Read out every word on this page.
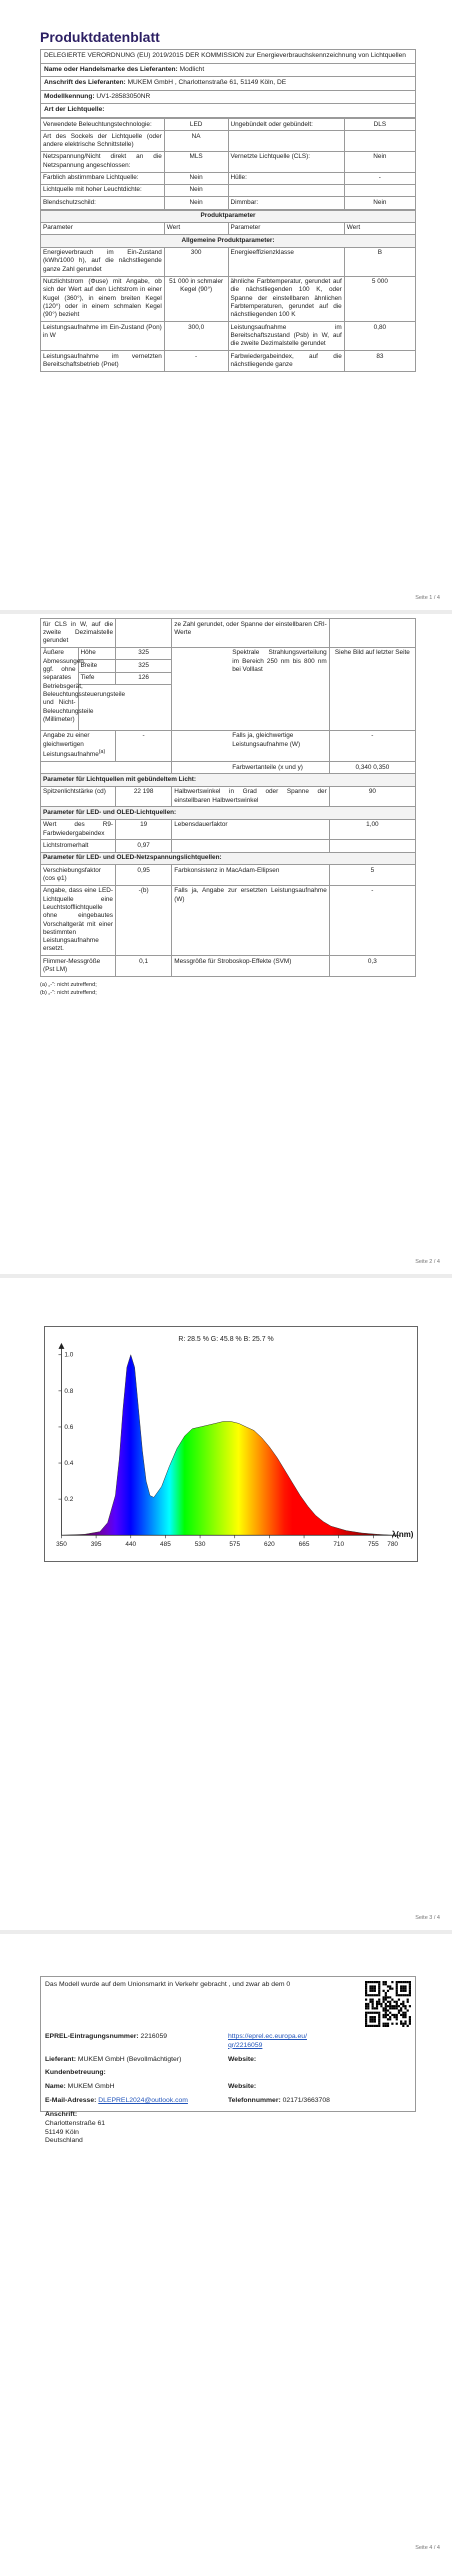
Produktdatenblatt
DELEGIERTE VERORDNUNG (EU) 2019/2015 DER KOMMISSION zur Energieverbrauchskennzeichnung von Lichtquellen
Name oder Handelsmarke des Lieferanten: Modlicht
Anschrift des Lieferanten: MUKEM GmbH , Charlottenstraße 61, 51149 Köln, DE
Modellkennung: UV1-28583050NR
Art der Lichtquelle:
Verwendete Beleuchtungstechnologie:	LED	Ungebündelt oder gebündelt:	DLS
Art des Sockels der Lichtquelle (oder andere elektrische Schnittstelle)	NA		
Netzspannung/Nicht direkt an die Netzspannung angeschlossen:	MLS	Vernetzte Lichtquelle (CLS):	Nein
Farblich abstimmbare Lichtquelle:	Nein	Hülle:	-
Lichtquelle mit hoher Leuchtdichte:	Nein		
Blendschutzschild:	Nein	Dimmbar:	Nein
Produktparameter			
Parameter	Wert	Parameter	Wert
Allgemeine Produktparameter:			
Energieverbrauch im Ein-Zustand (kWh/1000 h), auf die nächstliegende ganze Zahl gerundet	300	Energieeffizienzklasse	B
Nutzlichtstrom (Φuse) mit Angabe, ob sich der Wert auf den Lichtstrom in einer Kugel (360°), in einem breiten Kegel (120°) oder in einem schmalen Kegel (90°) bezieht	51 000 in schmaler Kegel (90°)	ähnliche Farbtemperatur, gerundet auf die nächstliegenden 100 K, oder Spanne der einstellbaren ähnlichen Farbtemperaturen, gerundet auf die nächstliegenden 100 K	5 000
Leistungsaufnahme im Ein-Zustand (Pon) in W	300,0	Leistungsaufnahme im Bereitschaftszustand (Psb) in W, auf die zweite Dezimalstelle gerundet	0,80
Leistungsaufnahme im vernetzten Bereitschaftsbetrieb (Pnet)	-	Farbwiedergabeindex, auf die nächstliegende ganze	83
Seite 1 / 4
für CLS in W, auf die zweite Dezimalstelle gerundet			ze Zahl gerundet, oder Spanne der einstellbaren CRI-Werte	
Äußere Abmessungen, ggf. ohne separates Betriebsgerät, Beleuchtungssteuerungsteile und Nicht-Beleuchtungsteile (Millimeter)	Höhe	325	Spektrale Strahlungsverteilung im Bereich 250 nm bis 800 nm bei Volllast	Siehe Bild auf letzter Seite
	Breite	325		
	Tiefe	126		

Angabe zu einer gleichwertigen Leistungsaufnahme$^{(a)}$		-	Falls ja, gleichwertige Leistungsaufnahme (W)	-
			Farbwertanteile (x und y)	0,340 0,350
Parameter für Lichtquellen mit gebündeltem Licht:				
Spitzenlichtstärke (cd)		22 198	Halbwertswinkel in Grad oder Spanne der einstellbaren Halbwertswinkel	90
Parameter für LED- und OLED-Lichtquellen:				
Wert des R9-Farbwiedergabeindex		19	Lebensdauerfaktor	1,00
Lichtstromerhalt		0,97		
Parameter für LED- und OLED-Netzspannungslichtquellen:				
Verschiebungsfaktor (cos φ1)		0,95	Farbkonsistenz in MacAdam-Ellipsen	5
Angabe, dass eine LED-Lichtquelle eine Leuchtstofflichtquelle ohne eingebautes Vorschaltgerät mit einer bestimmten Leistungsaufnahme ersetzt.		-(b)	Falls ja, Angabe zur ersetzten Leistungsaufnahme (W)	-
Flimmer-Messgröße (Pst LM)		0,1	Messgröße für Stroboskop-Effekte (SVM)	0,3
(a) „-“: nicht zutreffend;
(b) „-“: nicht zutreffend;
Seite 2 / 4
350	395	440	485	530	575	620	665	710	755 780
0.2
0.4
0.6
0.8
1.0
R: 28.5 % G: 45.8 % B: 25.7 %
λ(nm)
Seite 3 / 4
Das Modell wurde auf dem Unionsmarkt in Verkehr gebracht , und zwar ab dem 0
EPREL-Eintragungsnummer: 2216059	https://eprel.ec.europa.eu/qr/2216059
Lieferant: MUKEM GmbH (Bevollmächtigter)	Website:
Kundenbetreuung:
Name: MUKEM GmbH	Website:
E-Mail-Adresse: DLEPREL2024@outlook.com	Telefonnummer: 02171/3663708
Anschrift:
Charlottenstraße 61
51149 Köln
Deutschland
Seite 4 / 4
